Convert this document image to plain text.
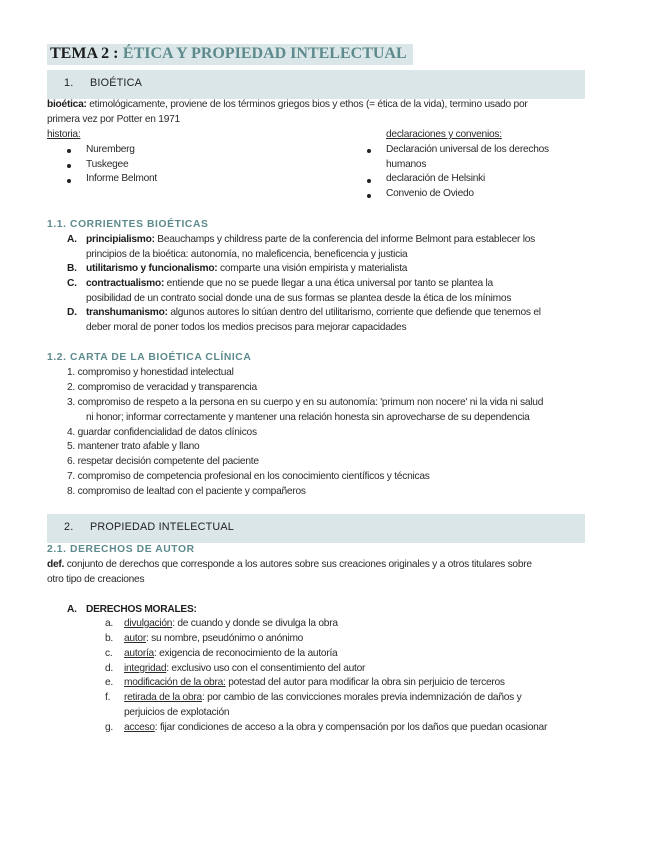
TEMA 2 : ÉTICA Y PROPIEDAD INTELECTUAL
1. BIOÉTICA
bioética: etimológicamente, proviene de los términos griegos bios y ethos (= ética de la vida), termino usado por
primera vez por Potter en 1971
historia:
Nuremberg
Tuskegee
Informe Belmont
declaraciones y convenios:
Declaración universal de los derechos
humanos
declaración de Helsinki
Convenio de Oviedo
1.1. CORRIENTES BIOÉTICAS
A. principialismo: Beauchamps y childress parte de la conferencia del informe Belmont para establecer los
principios de la bioética: autonomía, no maleficencia, beneficencia y justicia
B. utilitarismo y funcionalismo: comparte una visión empirista y materialista
C. contractualismo: entiende que no se puede llegar a una ética universal por tanto se plantea la
posibilidad de un contrato social donde una de sus formas se plantea desde la ética de los mínimos
D. transhumanismo: algunos autores lo sitúan dentro del utilitarismo, corriente que defiende que tenemos el
deber moral de poner todos los medios precisos para mejorar capacidades
1.2. CARTA DE LA BIOÉTICA CLÍNICA
1. compromiso y honestidad intelectual
2. compromiso de veracidad y transparencia
3. compromiso de respeto a la persona en su cuerpo y en su autonomía: 'primum non nocere' ni la vida ni salud
ni honor; informar correctamente y mantener una relación honesta sin aprovecharse de su dependencia
4. guardar confidencialidad de datos clínicos
5. mantener trato afable y llano
6. respetar decisión competente del paciente
7. compromiso de competencia profesional en los conocimiento científicos y técnicas
8. compromiso de lealtad con el paciente y compañeros
2. PROPIEDAD INTELECTUAL
2.1. DERECHOS DE AUTOR
def. conjunto de derechos que corresponde a los autores sobre sus creaciones originales y a otros titulares sobre
otro tipo de creaciones
A. DERECHOS MORALES:
a. divulgación: de cuando y donde se divulga la obra
b. autor: su nombre, pseudónimo o anónimo
c. autoría: exigencia de reconocimiento de la autoría
d. integridad: exclusivo uso con el consentimiento del autor
e. modificación de la obra: potestad del autor para modificar la obra sin perjuicio de terceros
f. retirada de la obra: por cambio de las convicciones morales previa indemnización de daños y
perjuicios de explotación
g. acceso: fijar condiciones de acceso a la obra y compensación por los daños que puedan ocasionar
